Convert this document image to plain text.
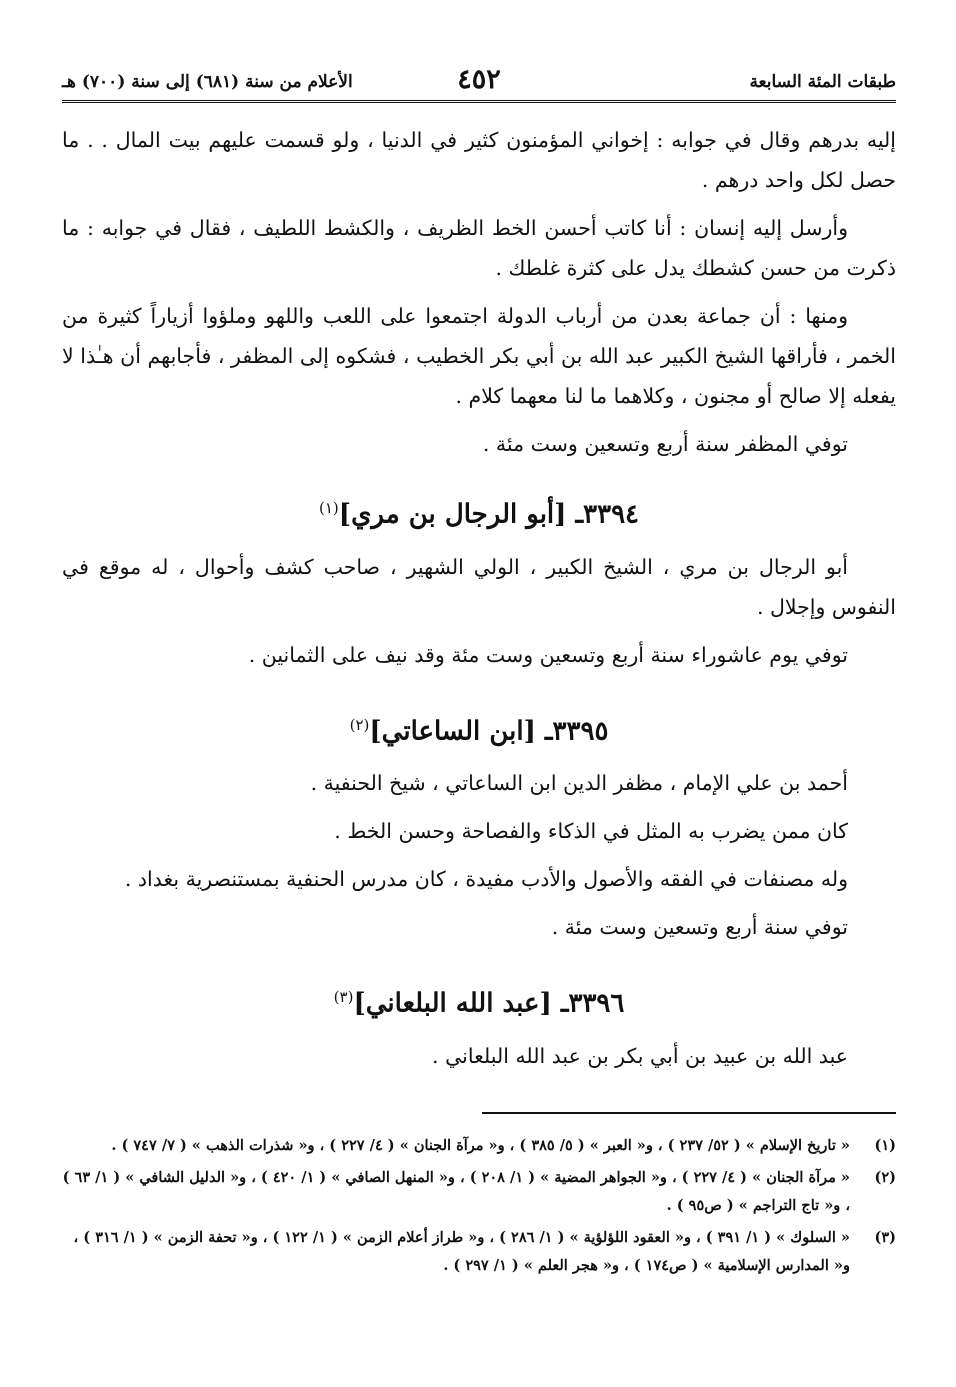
طبقات المئة السابعة
٤٥٢
الأعلام من سنة (٦٨١) إلى سنة (٧٠٠) هـ

إليه بدرهم وقال في جوابه : إخواني المؤمنون كثير في الدنيا ، ولو قسمت عليهم بيت المال . . ما حصل لكل واحد درهم .

وأرسل إليه إنسان : أنا كاتب أحسن الخط الظريف ، والكشط اللطيف ، فقال في جوابه : ما ذكرت من حسن كشطك يدل على كثرة غلطك .

ومنها : أن جماعة بعدن من أرباب الدولة اجتمعوا على اللعب واللهو وملؤوا أزياراً كثيرة من الخمر ، فأراقها الشيخ الكبير عبد الله بن أبي بكر الخطيب ، فشكوه إلى المظفر ، فأجابهم أن هـٰذا لا يفعله إلا صالح أو مجنون ، وكلاهما ما لنا معهما كلام .

توفي المظفر سنة أربع وتسعين وست مئة .

٣٣٩٤ـ [أبو الرجال بن مري]$^{(١)}$

أبو الرجال بن مري ، الشيخ الكبير ، الولي الشهير ، صاحب كشف وأحوال ، له موقع في النفوس وإجلال .

توفي يوم عاشوراء سنة أربع وتسعين وست مئة وقد نيف على الثمانين .

٣٣٩٥ـ [ابن الساعاتي]$^{(٢)}$

أحمد بن علي الإمام ، مظفر الدين ابن الساعاتي ، شيخ الحنفية .

كان ممن يضرب به المثل في الذكاء والفصاحة وحسن الخط .

وله مصنفات في الفقه والأصول والأدب مفيدة ، كان مدرس الحنفية بمستنصرية بغداد .

توفي سنة أربع وتسعين وست مئة .

٣٣٩٦ـ [عبد الله البلعاني]$^{(٣)}$

عبد الله بن عبيد بن أبي بكر بن عبد الله البلعاني .

(١)
« تاريخ الإسلام » ( ٥٢/ ٢٣٧ ) ، و« العبر » ( ٥/ ٣٨٥ ) ، و« مرآة الجنان » ( ٤/ ٢٢٧ ) ، و« شذرات الذهب » ( ٧/ ٧٤٧ ) .
(٢)
« مرآة الجنان » ( ٤/ ٢٢٧ ) ، و« الجواهر المضية » ( ١/ ٢٠٨ ) ، و« المنهل الصافي » ( ١/ ٤٢٠ ) ، و« الدليل الشافي » ( ١/ ٦٣ ) ، و« تاج التراجم » ( ص٩٥ ) .
(٣)
« السلوك » ( ١/ ٣٩١ ) ، و« العقود اللؤلؤية » ( ١/ ٢٨٦ ) ، و« طراز أعلام الزمن » ( ١/ ١٢٢ ) ، و« تحفة الزمن » ( ١/ ٣١٦ ) ، و« المدارس الإسلامية » ( ص١٧٤ ) ، و« هجر العلم » ( ١/ ٢٩٧ ) .
